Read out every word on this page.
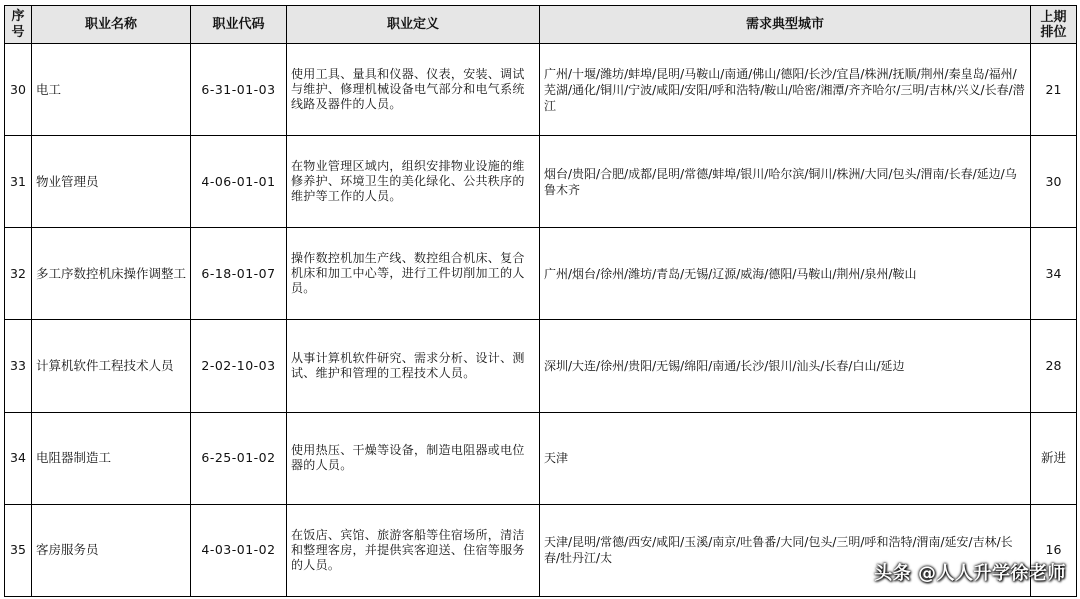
序号	职业名称	职业代码	职业定义	需求典型城市	上期排位
30	电工	6-31-01-03	使用工具、量具和仪器、仪表，安装、调试与维护、修理机械设备电气部分和电气系统线路及器件的人员。	广州/十堰/潍坊/蚌埠/昆明/马鞍山/南通/佛山/德阳/长沙/宜昌/株洲/抚顺/荆州/秦皇岛/福州/芜湖/通化/铜川/宁波/咸阳/安阳/呼和浩特/鞍山/哈密/湘潭/齐齐哈尔/三明/吉林/兴义/长春/潜江	21
31	物业管理员	4-06-01-01	在物业管理区域内，组织安排物业设施的维修养护、环境卫生的美化绿化、公共秩序的维护等工作的人员。	烟台/贵阳/合肥/成都/昆明/常德/蚌埠/银川/哈尔滨/铜川/株洲/大同/包头/渭南/长春/延边/乌鲁木齐	30
32	多工序数控机床操作调整工	6-18-01-07	操作数控机加生产线、数控组合机床、复合机床和加工中心等，进行工件切削加工的人员。	广州/烟台/徐州/潍坊/青岛/无锡/辽源/威海/德阳/马鞍山/荆州/泉州/鞍山	34
33	计算机软件工程技术人员	2-02-10-03	从事计算机软件研究、需求分析、设计、测试、维护和管理的工程技术人员。	深圳/大连/徐州/贵阳/无锡/绵阳/南通/长沙/银川/汕头/长春/白山/延边	28
34	电阻器制造工	6-25-01-02	使用热压、干燥等设备，制造电阻器或电位器的人员。	天津	新进
35	客房服务员	4-03-01-02	在饭店、宾馆、旅游客船等住宿场所，清洁和整理客房，并提供宾客迎送、住宿等服务的人员。	天津/昆明/常德/西安/咸阳/玉溪/南京/吐鲁番/大同/包头/三明/呼和浩特/渭南/延安/吉林/长春/牡丹江/太	16
头条 @人人升学徐老师
